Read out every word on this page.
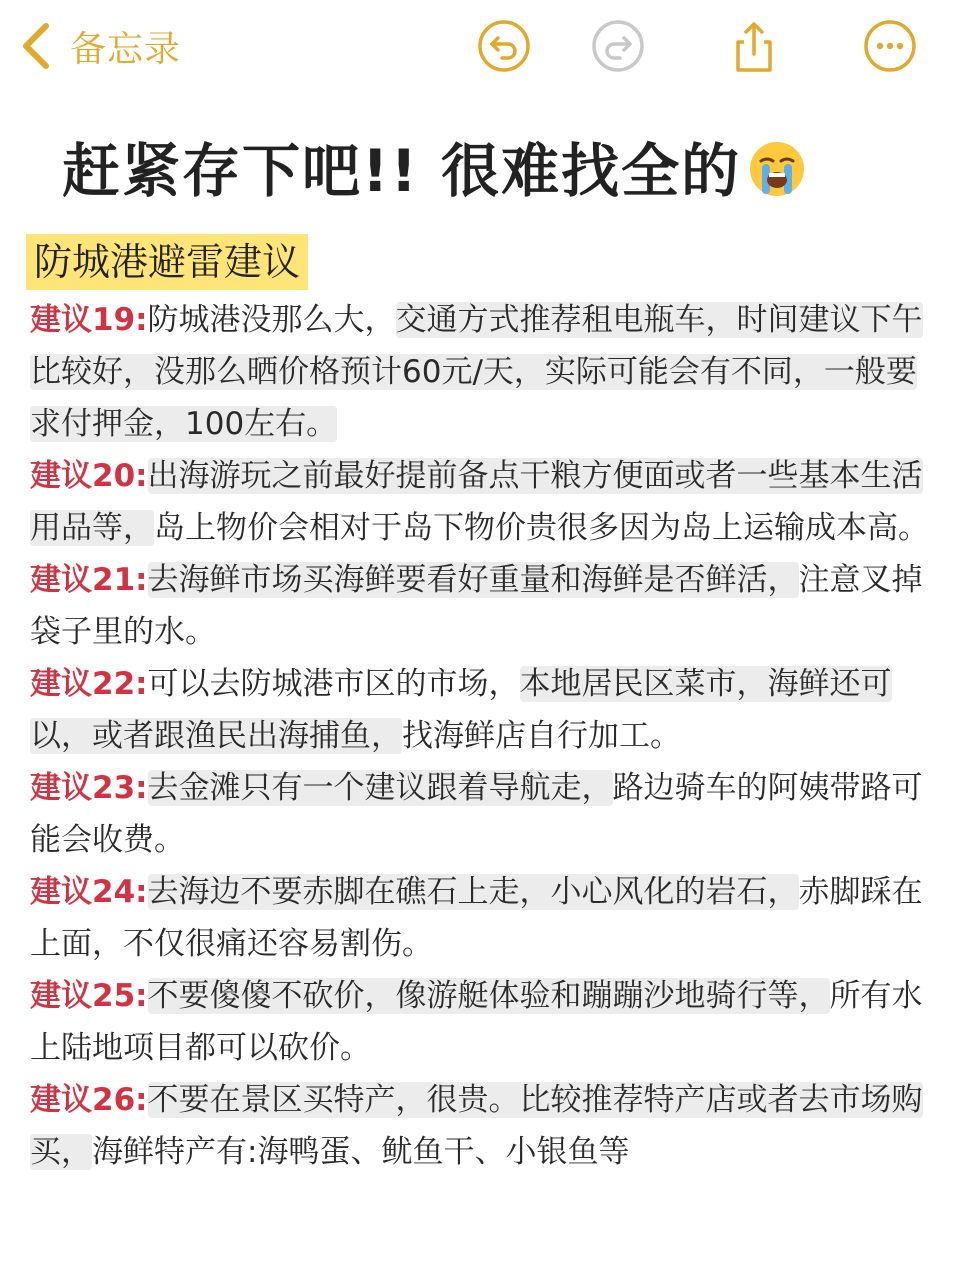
备忘录
赶紧存下吧!! 很难找全的
防城港避雷建议

建议19:防城港没那么大，交通方式推荐租电瓶车，时间建议下午比较好，没那么晒价格预计60元/天，实际可能会有不同，一般要求付押金，100左右。

建议20:出海游玩之前最好提前备点干粮方便面或者一些基本生活用品等，岛上物价会相对于岛下物价贵很多因为岛上运输成本高。

建议21:去海鲜市场买海鲜要看好重量和海鲜是否鲜活，注意叉掉袋子里的水。

建议22:可以去防城港市区的市场，本地居民区菜市，海鲜还可以，或者跟渔民出海捕鱼，找海鲜店自行加工。

建议23:去金滩只有一个建议跟着导航走，路边骑车的阿姨带路可能会收费。

建议24:去海边不要赤脚在礁石上走，小心风化的岩石，赤脚踩在上面，不仅很痛还容易割伤。

建议25:不要傻傻不砍价，像游艇体验和蹦蹦沙地骑行等，所有水上陆地项目都可以砍价。

建议26:不要在景区买特产，很贵。比较推荐特产店或者去市场购买，海鲜特产有:海鸭蛋、鱿鱼干、小银鱼等
